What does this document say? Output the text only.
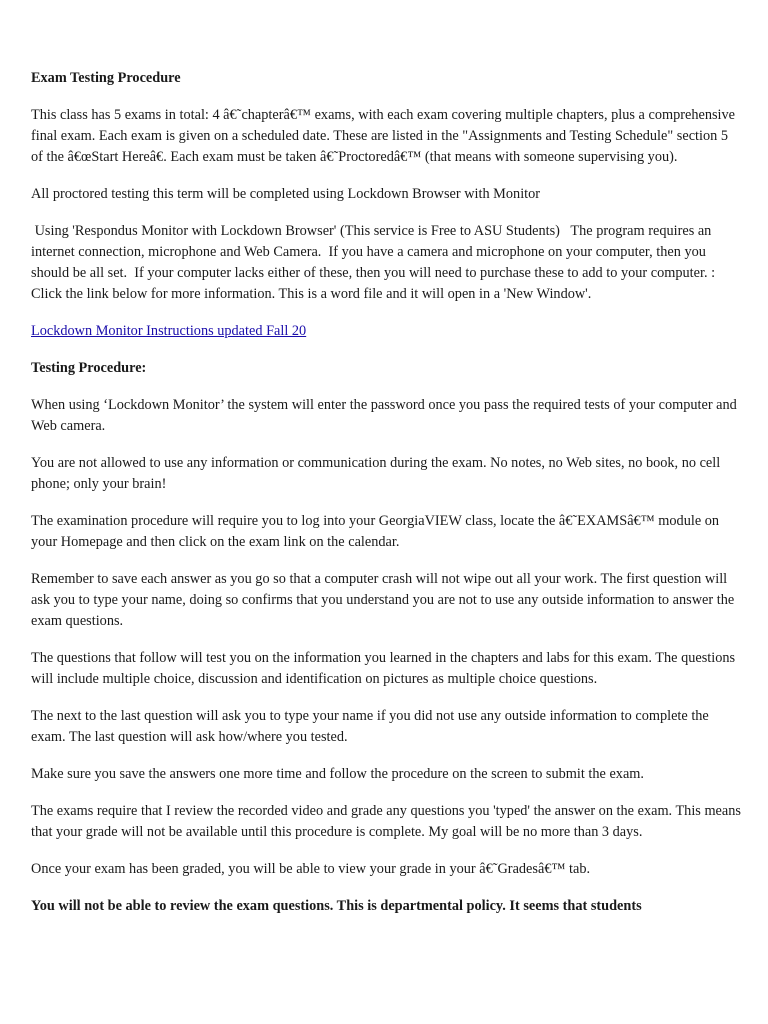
Exam Testing Procedure

This class has 5 exams in total: 4 â€˜chapterâ€™ exams, with each exam covering multiple chapters, plus a comprehensive final exam. Each exam is given on a scheduled date. These are listed in the "Assignments and Testing Schedule" section 5 of the â€œStart Hereâ€. Each exam must be taken â€˜Proctoredâ€™ (that means with someone supervising you).

All proctored testing this term will be completed using Lockdown Browser with Monitor

Using 'Respondus Monitor with Lockdown Browser' (This service is Free to ASU Students)   The program requires an internet connection, microphone and Web Camera.  If you have a camera and microphone on your computer, then you should be all set.  If your computer lacks either of these, then you will need to purchase these to add to your computer. :

Click the link below for more information. This is a word file and it will open in a 'New Window'.

Lockdown Monitor Instructions updated Fall 20

Testing Procedure:

When using ‘Lockdown Monitor’ the system will enter the password once you pass the required tests of your computer and Web camera.

You are not allowed to use any information or communication during the exam. No notes, no Web sites, no book, no cell phone; only your brain!

The examination procedure will require you to log into your GeorgiaVIEW class, locate the â€˜EXAMSâ€™ module on your Homepage and then click on the exam link on the calendar.

Remember to save each answer as you go so that a computer crash will not wipe out all your work. The first question will ask you to type your name, doing so confirms that you understand you are not to use any outside information to answer the exam questions.

The questions that follow will test you on the information you learned in the chapters and labs for this exam. The questions will include multiple choice, discussion and identification on pictures as multiple choice questions.

The next to the last question will ask you to type your name if you did not use any outside information to complete the exam. The last question will ask how/where you tested.

Make sure you save the answers one more time and follow the procedure on the screen to submit the exam.

The exams require that I review the recorded video and grade any questions you 'typed' the answer on the exam. This means that your grade will not be available until this procedure is complete. My goal will be no more than 3 days.

Once your exam has been graded, you will be able to view your grade in your â€˜Gradesâ€™ tab.

You will not be able to review the exam questions. This is departmental policy. It seems that students
